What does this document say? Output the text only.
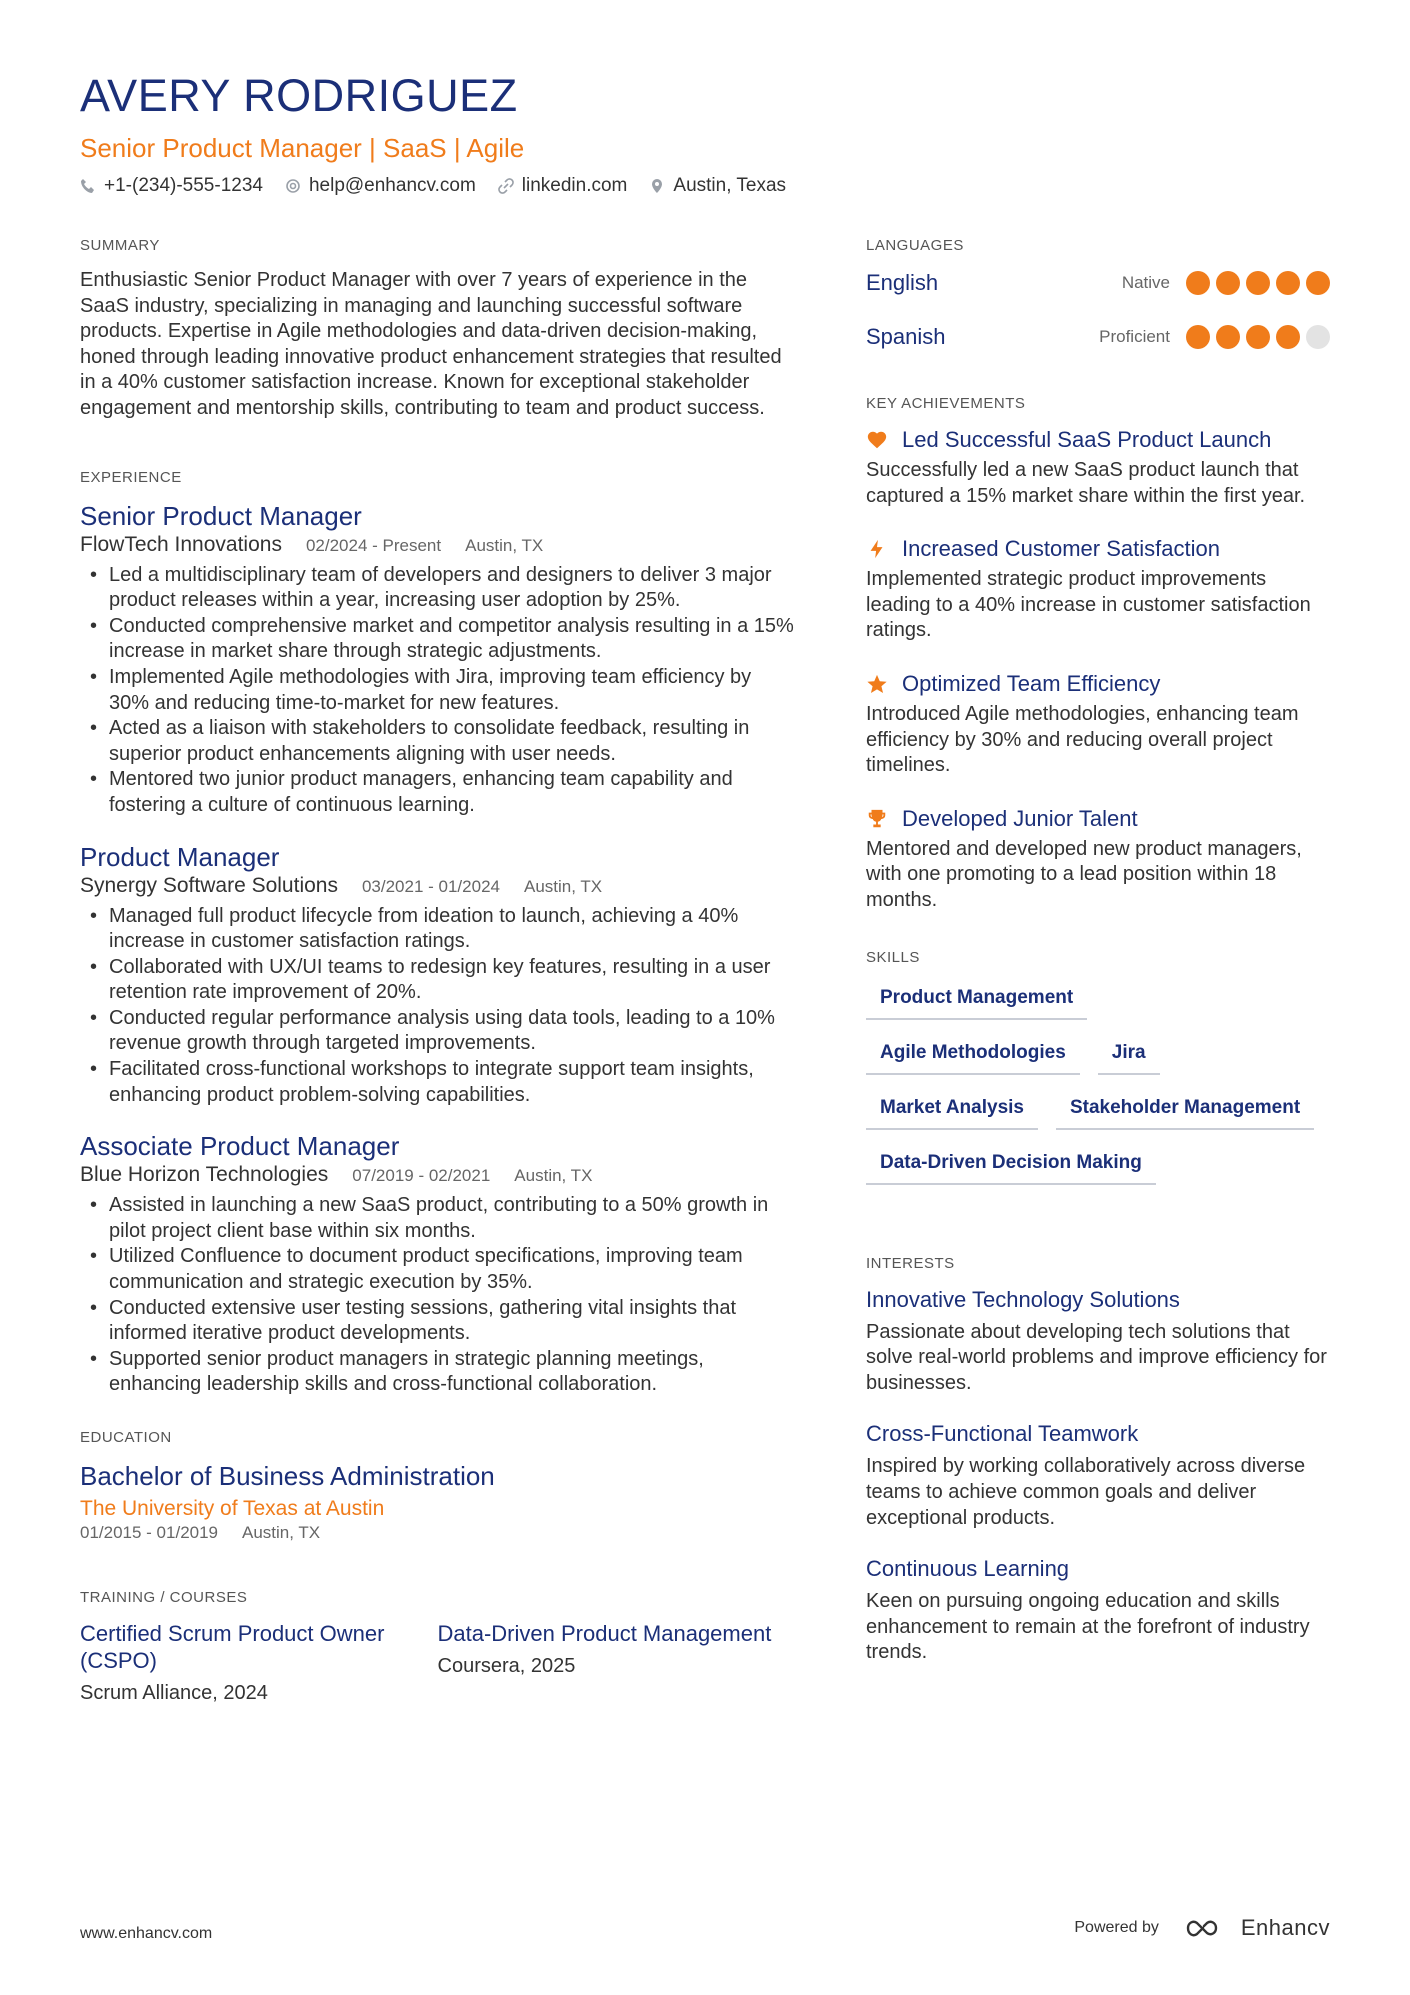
AVERY RODRIGUEZ
Senior Product Manager | SaaS | Agile
+1-(234)-555-1234 help@enhancv.com linkedin.com Austin, Texas
SUMMARY
Enthusiastic Senior Product Manager with over 7 years of experience in the SaaS industry, specializing in managing and launching successful software products. Expertise in Agile methodologies and data-driven decision-making, honed through leading innovative product enhancement strategies that resulted in a 40% customer satisfaction increase. Known for exceptional stakeholder engagement and mentorship skills, contributing to team and product success.
EXPERIENCE
Senior Product Manager
FlowTech Innovations 02/2024 - Present Austin, TX
• Led a multidisciplinary team of developers and designers to deliver 3 major product releases within a year, increasing user adoption by 25%.
• Conducted comprehensive market and competitor analysis resulting in a 15% increase in market share through strategic adjustments.
• Implemented Agile methodologies with Jira, improving team efficiency by 30% and reducing time-to-market for new features.
• Acted as a liaison with stakeholders to consolidate feedback, resulting in superior product enhancements aligning with user needs.
• Mentored two junior product managers, enhancing team capability and fostering a culture of continuous learning.
Product Manager
Synergy Software Solutions 03/2021 - 01/2024 Austin, TX
• Managed full product lifecycle from ideation to launch, achieving a 40% increase in customer satisfaction ratings.
• Collaborated with UX/UI teams to redesign key features, resulting in a user retention rate improvement of 20%.
• Conducted regular performance analysis using data tools, leading to a 10% revenue growth through targeted improvements.
• Facilitated cross-functional workshops to integrate support team insights, enhancing product problem-solving capabilities.
Associate Product Manager
Blue Horizon Technologies 07/2019 - 02/2021 Austin, TX
• Assisted in launching a new SaaS product, contributing to a 50% growth in pilot project client base within six months.
• Utilized Confluence to document product specifications, improving team communication and strategic execution by 35%.
• Conducted extensive user testing sessions, gathering vital insights that informed iterative product developments.
• Supported senior product managers in strategic planning meetings, enhancing leadership skills and cross-functional collaboration.
EDUCATION
Bachelor of Business Administration
The University of Texas at Austin
01/2015 - 01/2019 Austin, TX
TRAINING / COURSES
Certified Scrum Product Owner (CSPO)
Scrum Alliance, 2024
Data-Driven Product Management
Coursera, 2025
LANGUAGES
English	Native
Spanish	Proficient
KEY ACHIEVEMENTS
Led Successful SaaS Product Launch
Successfully led a new SaaS product launch that captured a 15% market share within the first year.
Increased Customer Satisfaction
Implemented strategic product improvements leading to a 40% increase in customer satisfaction ratings.
Optimized Team Efficiency
Introduced Agile methodologies, enhancing team efficiency by 30% and reducing overall project timelines.
Developed Junior Talent
Mentored and developed new product managers, with one promoting to a lead position within 18 months.
SKILLS
Product Management
Agile Methodologies	Jira
Market Analysis	Stakeholder Management
Data-Driven Decision Making
INTERESTS
Innovative Technology Solutions
Passionate about developing tech solutions that solve real-world problems and improve efficiency for businesses.
Cross-Functional Teamwork
Inspired by working collaboratively across diverse teams to achieve common goals and deliver exceptional products.
Continuous Learning
Keen on pursuing ongoing education and skills enhancement to remain at the forefront of industry trends.
www.enhancv.com	Powered by	Enhancv
